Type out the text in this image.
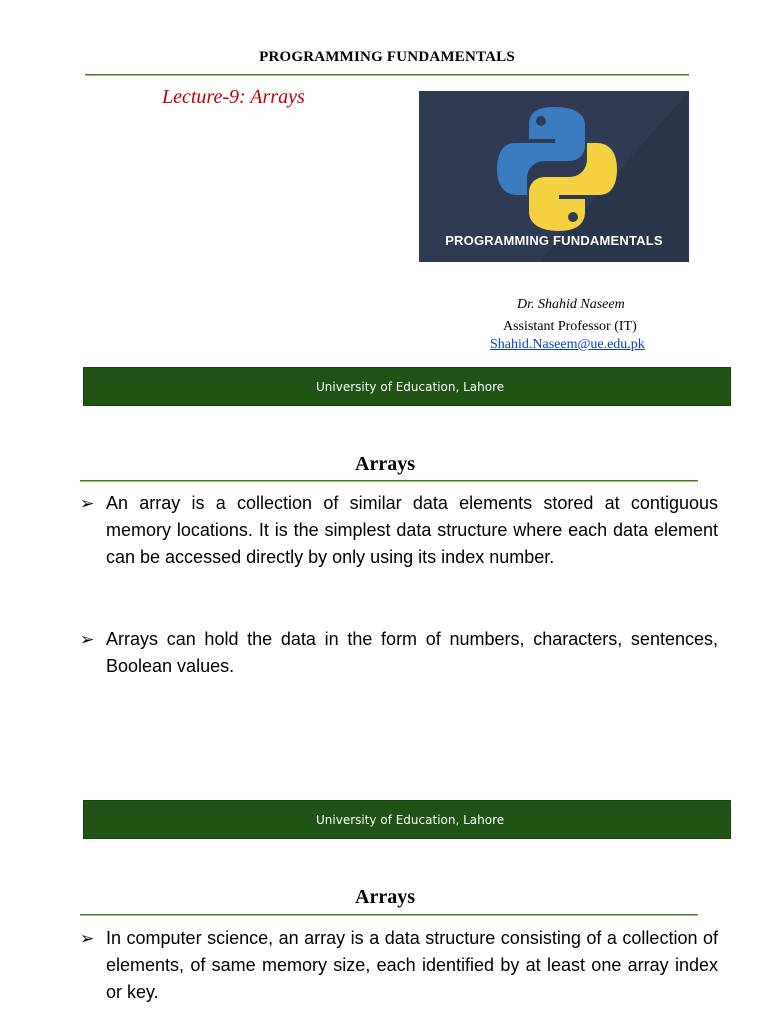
PROGRAMMING FUNDAMENTALS
Lecture-9: Arrays
PROGRAMMING FUNDAMENTALS
Dr. Shahid Naseem
Assistant Professor (IT)
Shahid.Naseem@ue.edu.pk
University of Education, Lahore
Arrays
➢ An array is a collection of similar data elements stored at contiguous memory locations. It is the simplest data structure where each data element can be accessed directly by only using its index number.
➢ Arrays can hold the data in the form of numbers, characters, sentences, Boolean values.
University of Education, Lahore
Arrays
➢ In computer science, an array is a data structure consisting of a collection of elements, of same memory size, each identified by at least one array index or key.
